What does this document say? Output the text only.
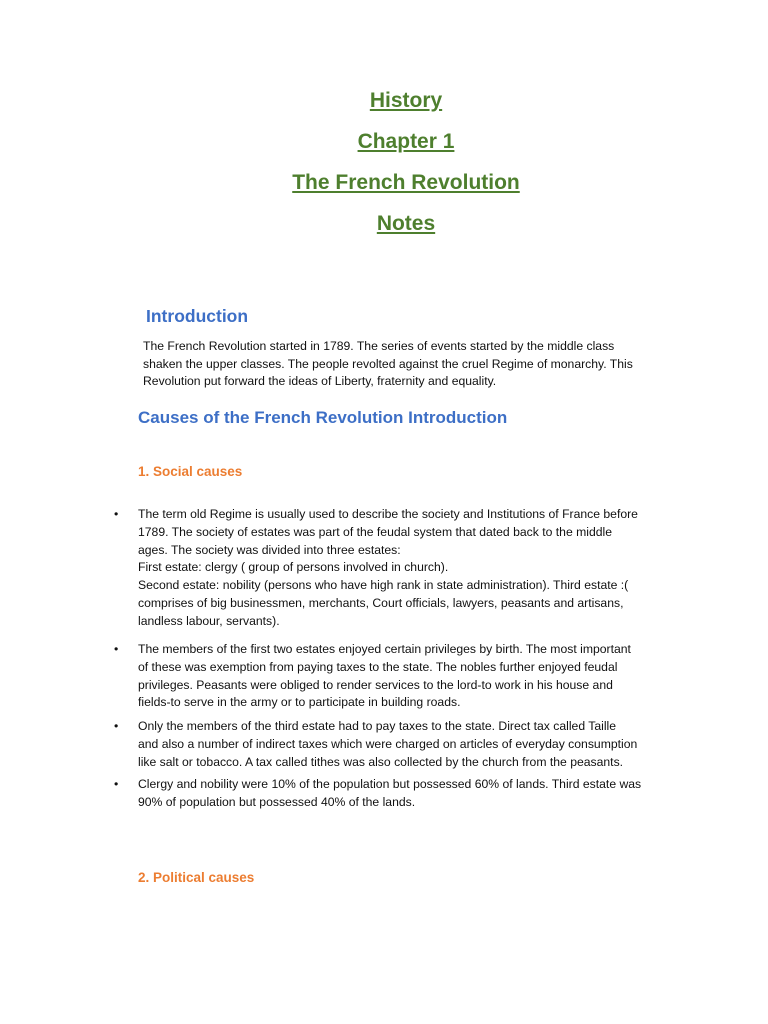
History
Chapter 1
The French Revolution
Notes
Introduction

The French Revolution started in 1789. The series of events started by the middle class
shaken the upper classes. The people revolted against the cruel Regime of monarchy. This
Revolution put forward the ideas of Liberty, fraternity and equality.

Causes of the French Revolution Introduction
1. Social causes
• The term old Regime is usually used to describe the society and Institutions of France before
1789. The society of estates was part of the feudal system that dated back to the middle
ages. The society was divided into three estates:
First estate: clergy ( group of persons involved in church).
Second estate: nobility (persons who have high rank in state administration). Third estate :(
comprises of big businessmen, merchants, Court officials, lawyers, peasants and artisans,
landless labour, servants).

• The members of the first two estates enjoyed certain privileges by birth. The most important
of these was exemption from paying taxes to the state. The nobles further enjoyed feudal
privileges. Peasants were obliged to render services to the lord-to work in his house and
fields-to serve in the army or to participate in building roads.

• Only the members of the third estate had to pay taxes to the state. Direct tax called Taille
and also a number of indirect taxes which were charged on articles of everyday consumption
like salt or tobacco. A tax called tithes was also collected by the church from the peasants.

• Clergy and nobility were 10% of the population but possessed 60% of lands. Third estate was
90% of population but possessed 40% of the lands.

2. Political causes
